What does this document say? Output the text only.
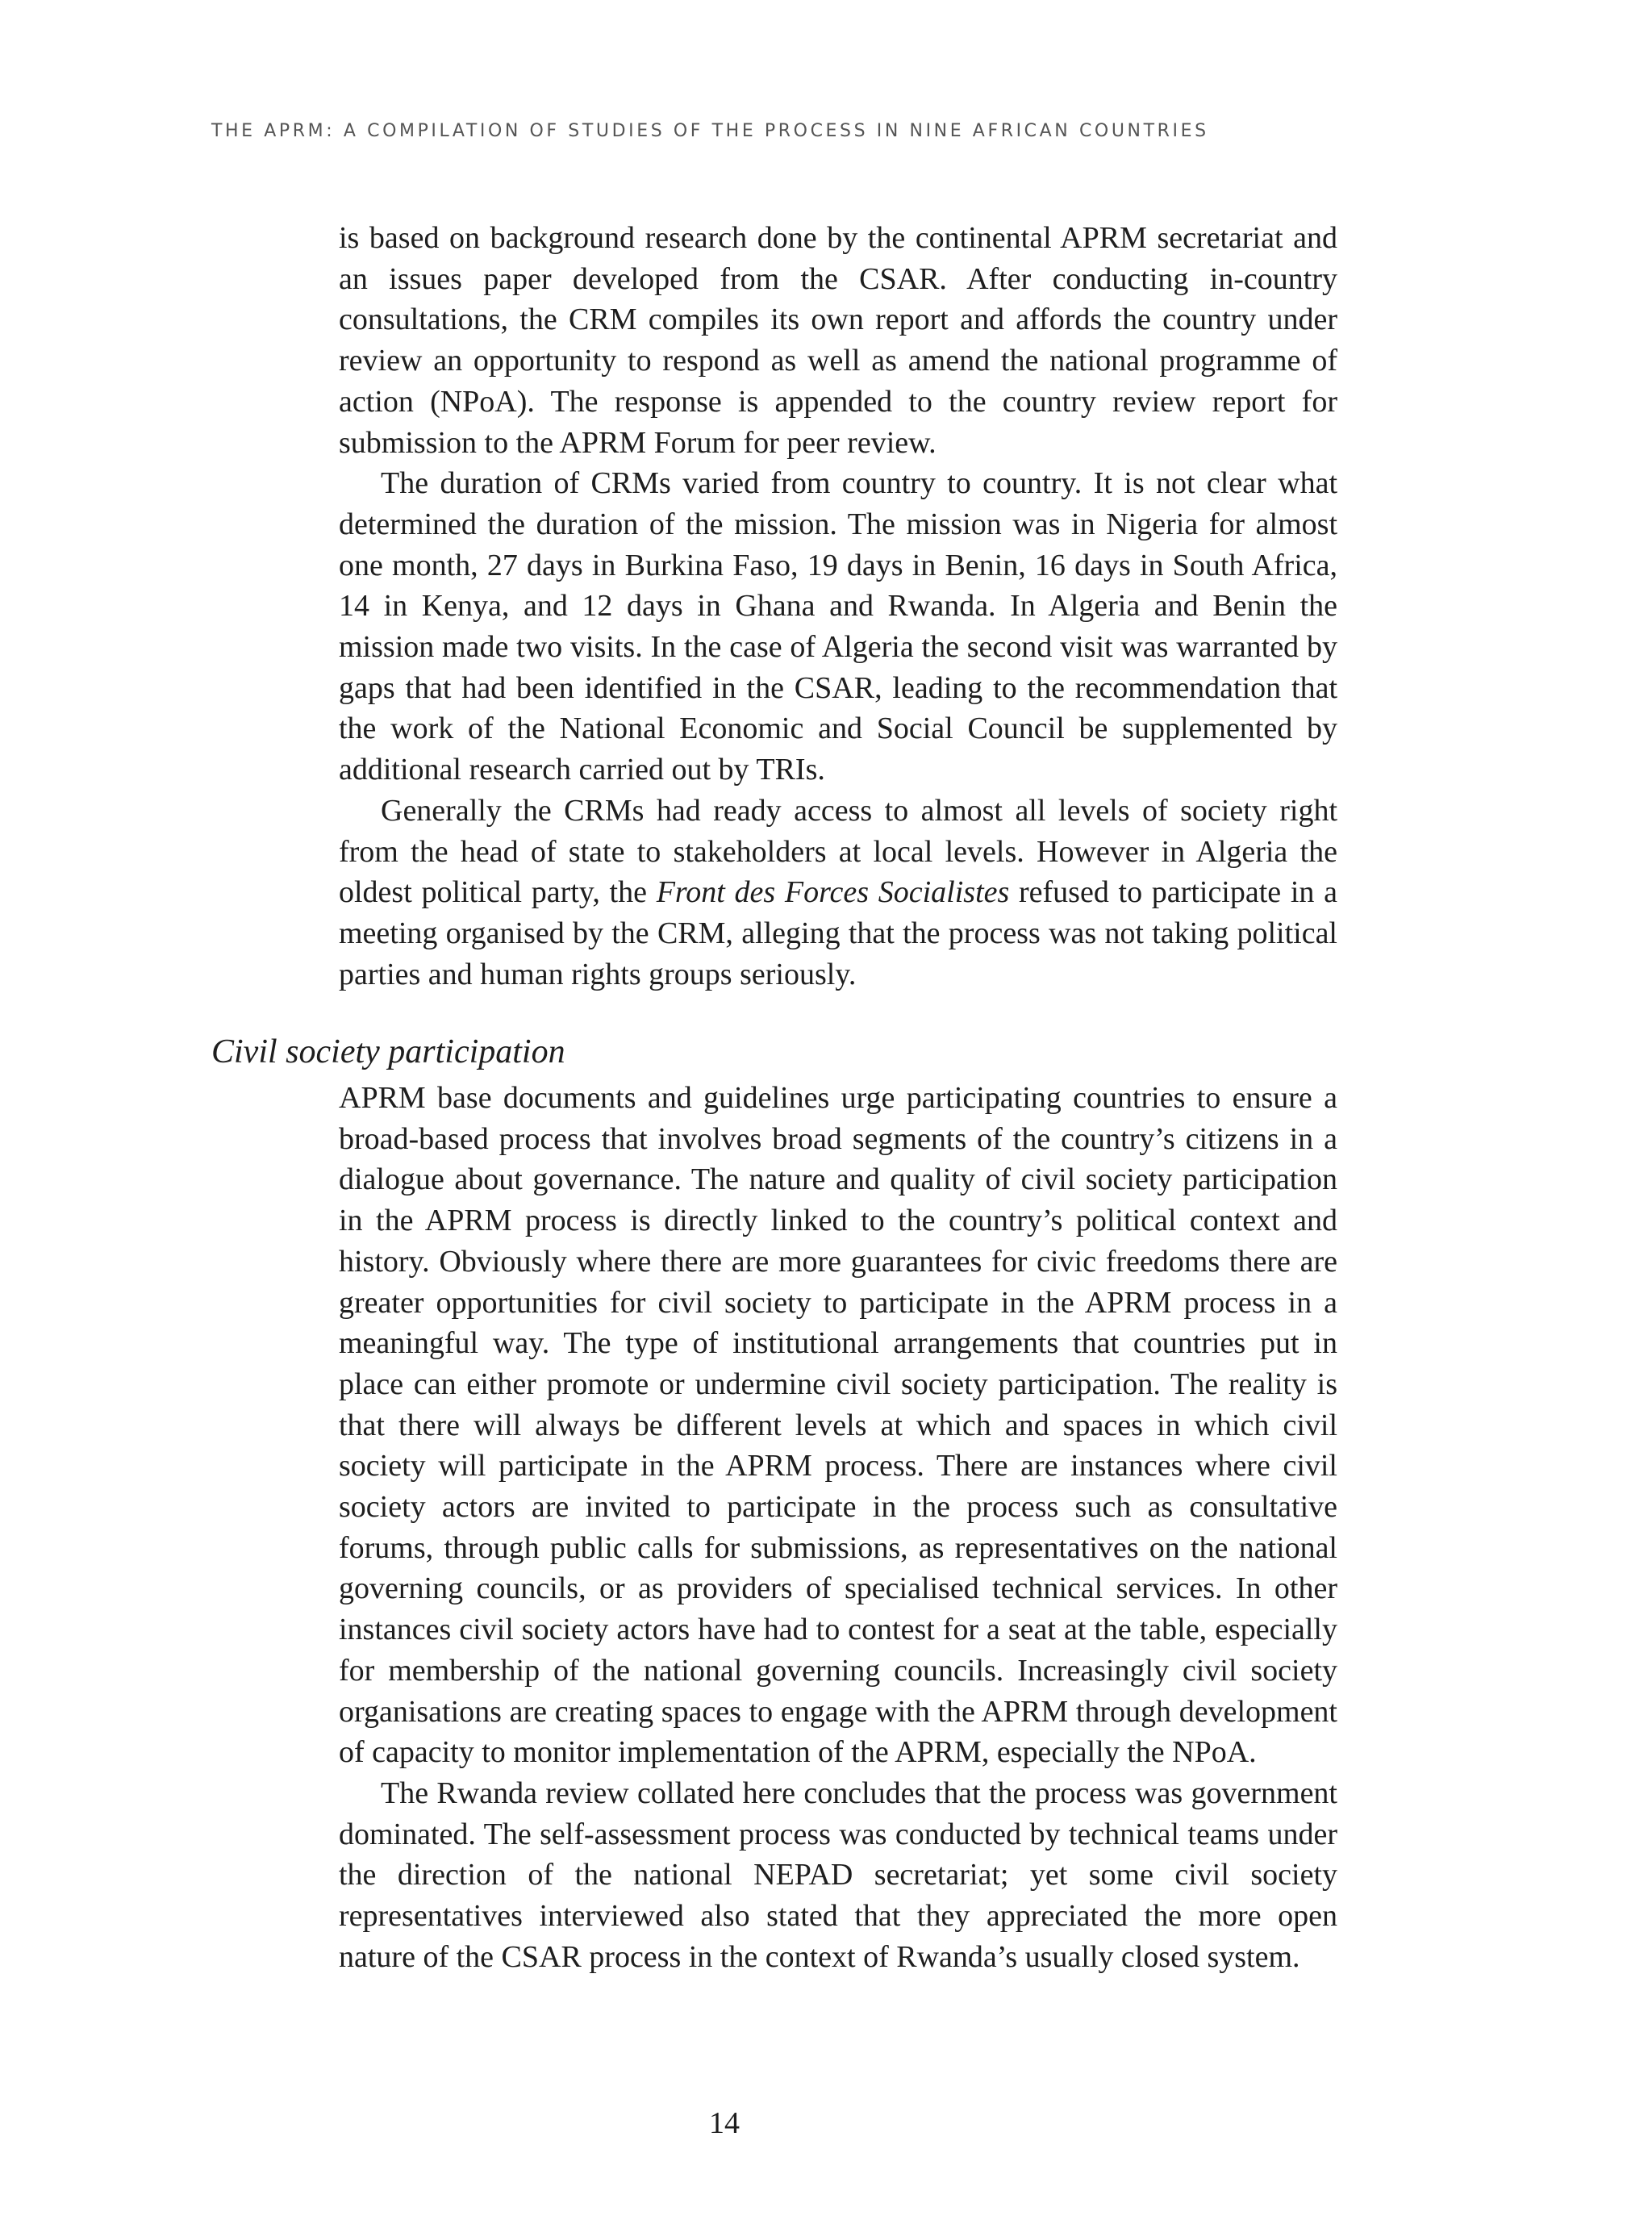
THE APRM: A COMPILATION OF STUDIES OF THE PROCESS IN NINE AFRICAN COUNTRIES

is based on background research done by the continental APRM secretariat and an issues paper developed from the CSAR. After conducting in-country consultations, the CRM compiles its own report and affords the country under review an opportunity to respond as well as amend the national programme of action (NPoA). The response is appended to the country review report for submission to the APRM Forum for peer review.

The duration of CRMs varied from country to country. It is not clear what determined the duration of the mission. The mission was in Nigeria for almost one month, 27 days in Burkina Faso, 19 days in Benin, 16 days in South Africa, 14 in Kenya, and 12 days in Ghana and Rwanda. In Algeria and Benin the mission made two visits. In the case of Algeria the second visit was warranted by gaps that had been identified in the CSAR, leading to the recommendation that the work of the National Economic and Social Council be supplemented by additional research carried out by TRIs.

Generally the CRMs had ready access to almost all levels of society right from the head of state to stakeholders at local levels. However in Algeria the oldest political party, the Front des Forces Socialistes refused to participate in a meeting organised by the CRM, alleging that the process was not taking political parties and human rights groups seriously.

Civil society participation

APRM base documents and guidelines urge participating countries to ensure a broad-based process that involves broad segments of the country’s citizens in a dialogue about governance. The nature and quality of civil society participation in the APRM process is directly linked to the country’s political context and history. Obviously where there are more guarantees for civic freedoms there are greater opportunities for civil society to participate in the APRM process in a meaningful way. The type of institutional arrangements that countries put in place can either promote or undermine civil society participation. The reality is that there will always be different levels at which and spaces in which civil society will participate in the APRM process. There are instances where civil society actors are invited to participate in the process such as consultative forums, through public calls for submissions, as representatives on the national governing councils, or as providers of specialised technical services. In other instances civil society actors have had to contest for a seat at the table, especially for membership of the national governing councils. Increasingly civil society organisations are creating spaces to engage with the APRM through development of capacity to monitor implementation of the APRM, especially the NPoA.

The Rwanda review collated here concludes that the process was government dominated. The self-assessment process was conducted by technical teams under the direction of the national NEPAD secretariat; yet some civil society representatives interviewed also stated that they appreciated the more open nature of the CSAR process in the context of Rwanda’s usually closed system.

14
